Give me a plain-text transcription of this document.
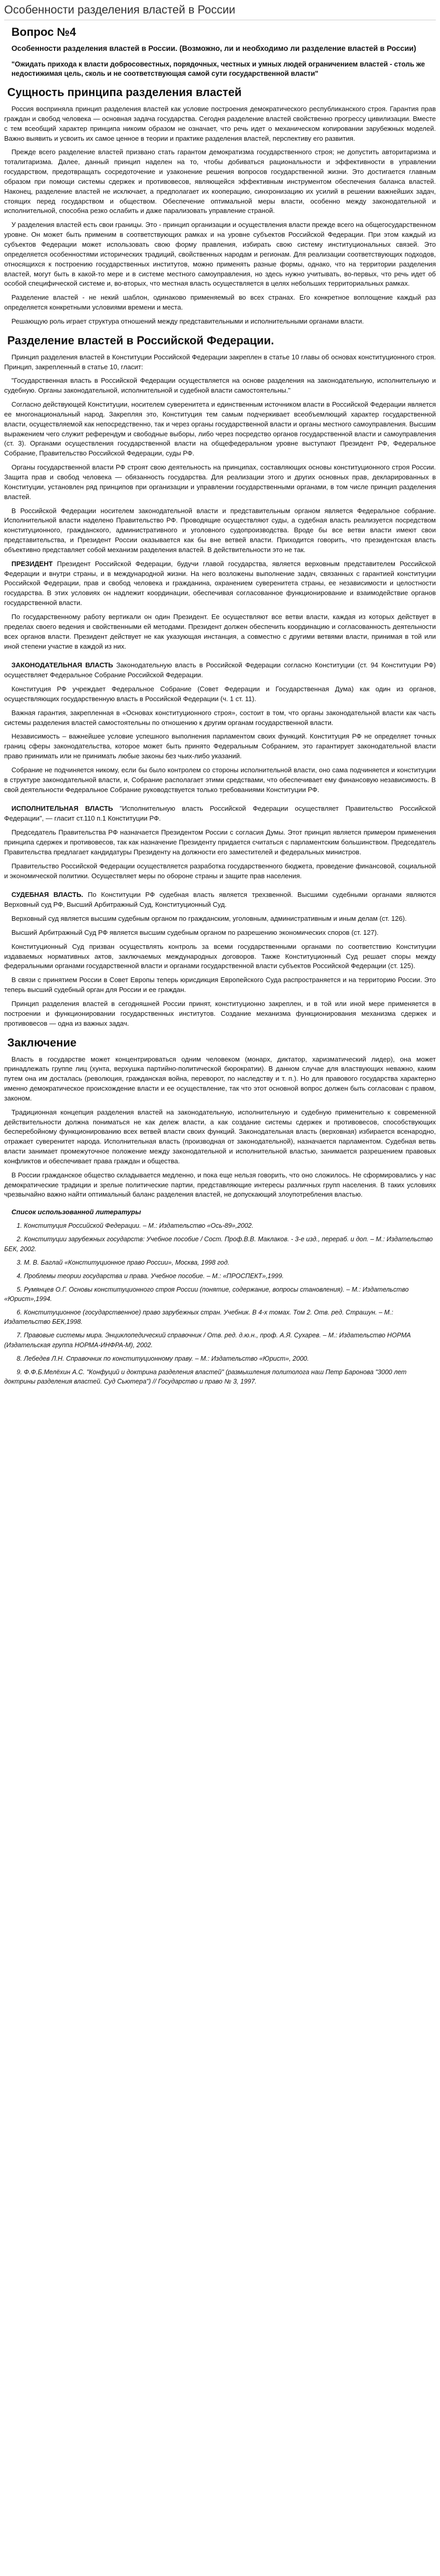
Особенности разделения властей в России
Вопрос №4
Особенности разделения властей в России. (Возможно, ли и необходимо ли разделение властей в России)
"Ожидать прихода к власти добросовестных, порядочных, честных и умных людей ограничением властей - столь же недостижимая цель, сколь и не соответствующая самой сути государственной власти"
Сущность принципа разделения властей

Россия восприняла принцип разделения властей как условие построения демократического республиканского строя. Гарантия прав граждан и свобод человека — основная задача государства. Сегодня разделение властей свойственно прогрессу цивилизации. Вместе с тем всеобщий характер принципа никоим образом не означает, что речь идет о механическом копировании зарубежных моделей. Важно выявить и усвоить их самое ценное в теории и практике разделения властей, перспективу его развития.

Прежде всего разделение властей призвано стать гарантом демократизма государственного строя; не допустить авторитаризма и тоталитаризма. Далее, данный принцип наделен на то, чтобы добиваться рациональности и эффективности в управлении государством, предотвращать сосредоточение и узаконение решения вопросов государственной жизни. Это достигается главным образом при помощи системы сдержек и противовесов, являющейся эффективным инструментом обеспечения баланса властей. Наконец, разделение властей не исключает, а предполагает их кооперацию, синхронизацию их усилий в решении важнейших задач, стоящих перед государством и обществом. Обеспечение оптимальной меры власти, особенно между законодательной и исполнительной, способна резко ослабить и даже парализовать управление страной.

У разделения властей есть свои границы. Это - принцип организации и осуществления власти прежде всего на общегосударственном уровне. Он может быть применим в соответствующих рамках и на уровне субъектов Российской Федерации. При этом каждый из субъектов Федерации может использовать свою форму правления, избирать свою систему институциональных связей. Это определяется особенностями исторических традиций, свойственных народам и регионам. Для реализации соответствующих подходов, относящихся к построению государственных институтов, можно применять разные формы, однако, что на территории разделения властей, могут быть в какой-то мере и в системе местного самоуправления, но здесь нужно учитывать, во-первых, что речь идет об особой специфической системе и, во-вторых, что местная власть осуществляется в целях небольших территориальных рамках.

Разделение властей - не некий шаблон, одинаково применяемый во всех странах. Его конкретное воплощение каждый раз определяется конкретными условиями времени и места.

Решающую роль играет структура отношений между представительными и исполнительными органами власти.

Разделение властей в Российской Федерации.

Принцип разделения властей в Конституции Российской Федерации закреплен в статье 10 главы об основах конституционного строя. Принцип, закрепленный в статье 10, гласит:

"Государственная власть в Российской Федерации осуществляется на основе разделения на законодательную, исполнительную и судебную. Органы законодательной, исполнительной и судебной власти самостоятельны."

Согласно действующей Конституции, носителем суверенитета и единственным источником власти в Российской Федерации является ее многонациональный народ. Закрепляя это, Конституция тем самым подчеркивает всеобъемлющий характер государственной власти, осуществляемой как непосредственно, так и через органы государственной власти и органы местного самоуправления. Высшим выражением чего служит референдум и свободные выборы, либо через посредство органов государственной власти и самоуправления (ст. 3). Органами осуществления государственной власти на общефедеральном уровне выступают Президент РФ, Федеральное Собрание, Правительство Российской Федерации, суды РФ.

Органы государственной власти РФ строят свою деятельность на принципах, составляющих основы конституционного строя России. Защита прав и свобод человека — обязанность государства. Для реализации этого и других основных прав, декларированных в Конституции, установлен ряд принципов при организации и управлении государственными органами, в том числе принцип разделения властей.

В Российской Федерации носителем законодательной власти и представительным органом является Федеральное собрание. Исполнительной власти наделено Правительство РФ. Проводящие осуществляют суды, а судебная власть реализуется посредством конституционного, гражданского, административного и уголовного судопроизводства. Вроде бы все ветви власти имеют свои представительства, и Президент России оказывается как бы вне ветвей власти. Приходится говорить, что президентская власть объективно представляет собой механизм разделения властей. В действительности это не так.

ПРЕЗИДЕНТ Президент Российской Федерации, будучи главой государства, является верховным представителем Российской Федерации и внутри страны, и в международной жизни. На него возложены выполнение задач, связанных с гарантией конституции Российской Федерации, прав и свобод человека и гражданина, охранением суверенитета страны, ее независимости и целостности государства. В этих условиях он надлежит координации, обеспечивая согласованное функционирование и взаимодействие органов государственной власти.

По государственному работу вертикали он один Президент. Ее осуществляют все ветви власти, каждая из которых действует в пределах своего ведения и свойственными ей методами. Президент должен обеспечить координацию и согласованность деятельности всех органов власти. Президент действует не как указующая инстанция, а совместно с другими ветвями власти, принимая в той или иной степени участие в каждой из них.

ЗАКОНОДАТЕЛЬНАЯ ВЛАСТЬ Законодательную власть в Российской Федерации согласно Конституции (ст. 94 Конституции РФ) осуществляет Федеральное Собрание Российской Федерации.

Конституция РФ учреждает Федеральное Собрание (Совет Федерации и Государственная Дума) как один из органов, осуществляющих государственную власть в Российской Федерации (ч. 1 ст. 11).

Важная гарантия, закрепленная в «Основах конституционного строя», состоит в том, что органы законодательной власти как часть системы разделения властей самостоятельны по отношению к другим органам государственной власти.

Независимость – важнейшее условие успешного выполнения парламентом своих функций. Конституция РФ не определяет точных границ сферы законодательства, которое может быть принято Федеральным Собранием, это гарантирует законодательной власти право принимать или не принимать любые законы без чьих-либо указаний.

Собрание не подчиняется никому, если бы было контролем со стороны исполнительной власти, оно сама подчиняется и конституции в структуре законодательной власти, и, Собрание располагает этими средствами, что обеспечивает ему финансовую независимость. В свой деятельности Федеральное Собрание руководствуется только требованиями Конституции РФ.

ИСПОЛНИТЕЛЬНАЯ ВЛАСТЬ "Исполнительную власть Российской Федерации осуществляет Правительство Российской Федерации", — гласит ст.110 п.1 Конституции РФ.

Председатель Правительства РФ назначается Президентом России с согласия Думы. Этот принцип является примером применения принципа сдержек и противовесов, так как назначение Президенту придается считаться с парламентским большинством. Председатель Правительства предлагает кандидатуры Президенту на должности его заместителей и федеральных министров.

Правительство Российской Федерации осуществляется разработка государственного бюджета, проведение финансовой, социальной и экономической политики. Осуществляет меры по обороне страны и защите прав населения.

СУДЕБНАЯ ВЛАСТЬ. По Конституции РФ судебная власть является трехзвенной. Высшими судебными органами являются Верховный суд РФ, Высший Арбитражный Суд, Конституционный Суд.

Верховный суд является высшим судебным органом по гражданским, уголовным, административным и иным делам (ст. 126).

Высший Арбитражный Суд РФ является высшим судебным органом по разрешению экономических споров (ст. 127).

Конституционный Суд призван осуществлять контроль за всеми государственными органами по соответствию Конституции издаваемых нормативных актов, заключаемых международных договоров. Также Конституционный Суд решает споры между федеральными органами государственной власти и органами государственной власти субъектов Российской Федерации (ст. 125).

В связи с принятием России в Совет Европы теперь юрисдикция Европейского Суда распространяется и на территорию России. Это теперь высший судебный орган для России и ее граждан.

Принцип разделения властей в сегодняшней России принят, конституционно закреплен, и в той или иной мере применяется в построении и функционировании государственных институтов. Создание механизма функционирования механизма сдержек и противовесов — одна из важных задач.

Заключение

Власть в государстве может концентрироваться одним человеком (монарх, диктатор, харизматический лидер), она может принадлежать группе лиц (хунта, верхушка партийно-политической бюрократии). В данном случае для властвующих неважно, каким путем она им досталась (революция, гражданская война, переворот, по наследству и т. п.). Но для правового государства характерно именно демократическое происхождение власти и ее осуществление, так что этот основной вопрос должен быть согласован с правом, законом.

Традиционная концепция разделения властей на законодательную, исполнительную и судебную применительно к современной действительности должна пониматься не как дележ власти, а как создание системы сдержек и противовесов, способствующих бесперебойному функционированию всех ветвей власти своих функций. Законодательная власть (верховная) избирается всенародно, отражает суверенитет народа. Исполнительная власть (производная от законодательной), назначается парламентом. Судебная ветвь власти занимает промежуточное положение между законодательной и исполнительной властью, занимается разрешением правовых конфликтов и обеспечивает права граждан и общества.

В России гражданское общество складывается медленно, и пока еще нельзя говорить, что оно сложилось. Не сформировались у нас демократические традиции и зрелые политические партии, представляющие интересы различных групп населения. В таких условиях чрезвычайно важно найти оптимальный баланс разделения властей, не допускающий злоупотребления властью.

Список использованной литературы
1. Конституция Российской Федерации. – М.: Издательство «Ось-89»,2002.
2. Конституции зарубежных государств: Учебное пособие / Сост. Проф.В.В. Маклаков. - 3-е изд., перераб. и доп. – М.: Издательство БЕК, 2002.
3. М. В. Баглай «Конституционное право России», Москва, 1998 год.
4. Проблемы теории государства и права. Учебное пособие. – М.: «ПРОСПЕКТ»,1999.
5. Румянцев О.Г. Основы конституционного строя России (понятие, содержание, вопросы становления). – М.: Издательство «Юрист»,1994.
6. Конституционное (государственное) право зарубежных стран. Учебник. В 4-х томах. Том 2. Отв. ред. Страшун. – М.: Издательство БЕК,1998.
7. Правовые системы мира. Энциклопедический справочник / Отв. ред. д.ю.н., проф. А.Я. Сухарев. – М.: Издательство НОРМА (Издательская группа НОРМА-ИНФРА-М), 2002.
8. Лебедев Л.Н. Справочник по конституционному праву. – М.: Издательство «Юрист», 2000.
9. Ф.Ф.Б.Мелёхин А.С. "Конфуций и доктрина разделения властей" (размышления политолога наш Петр Баронова "3000 лет доктрины разделения властей. Суд Сьютера") // Государство и право № 3, 1997.
